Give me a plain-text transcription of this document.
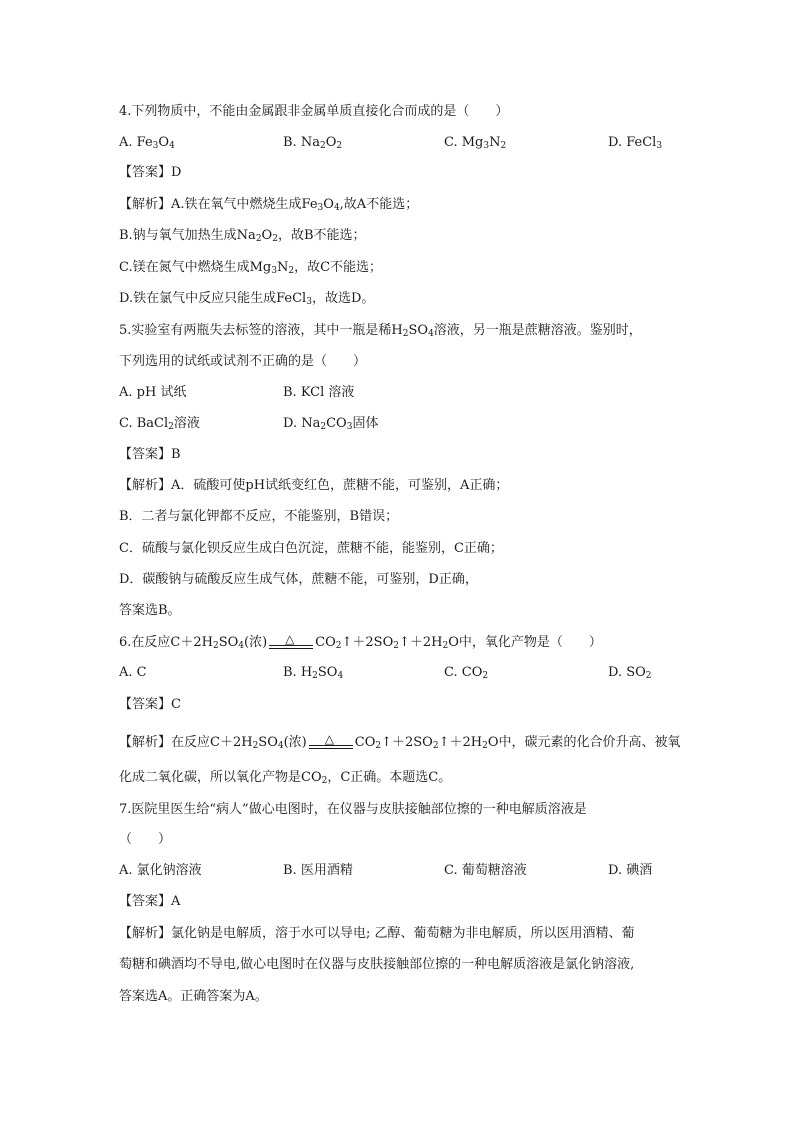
4.下列物质中，不能由金属跟非金属单质直接化合而成的是（　　）
A. $Fe_3O_4$	B. $Na_2O_2$	C. $Mg_3N_2$	D. FeCl$_3$
【答案】D
【解析】A.铁在氧气中燃烧生成$Fe_3O_4$,故A不能选；
B.钠与氧气加热生成$Na_2O_2$，故B不能选；
C.镁在氮气中燃烧生成$Mg_3N_2$，故C不能选；
D.铁在氯气中反应只能生成FeCl$_3$，故选D。
5.实验室有两瓶失去标签的溶液，其中一瓶是稀$H_2SO_4$溶液，另一瓶是蔗糖溶液。鉴别时，
下列选用的试纸或试剂不正确的是（　　）
A. pH 试纸	B. KCl 溶液
C. BaCl$_2$溶液	D. $Na_2CO_3$固体
【答案】B
【解析】A．硫酸可使pH试纸变红色，蔗糖不能，可鉴别，A正确；
B．二者与氯化钾都不反应，不能鉴别，B错误；
C．硫酸与氯化钡反应生成白色沉淀，蔗糖不能，能鉴别，C正确；
D．碳酸钠与硫酸反应生成气体，蔗糖不能，可鉴别，D正确，
答案选B。
6.在反应$C+2H_2SO_4$(浓) △ $CO_2↑+2SO_2↑+2H_2O$中，氧化产物是（　　）
A. C	B. $H_2SO_4$	C. $CO_2$	D. $SO_2$
【答案】C
【解析】在反应$C+2H_2SO_4$(浓) △ $CO_2↑+2SO_2↑+2H_2O$中，碳元素的化合价升高、被氧
化成二氧化碳，所以氧化产物是$CO_2$，C正确。本题选C。
7.医院里医生给“病人”做心电图时，在仪器与皮肤接触部位擦的一种电解质溶液是
（　　）
A. 氯化钠溶液	B. 医用酒精	C. 葡萄糖溶液	D. 碘酒
【答案】A
【解析】氯化钠是电解质，溶于水可以导电; 乙醇、葡萄糖为非电解质，所以医用酒精、葡
萄糖和碘酒均不导电,做心电图时在仪器与皮肤接触部位擦的一种电解质溶液是氯化钠溶液,
答案选A。正确答案为A。
